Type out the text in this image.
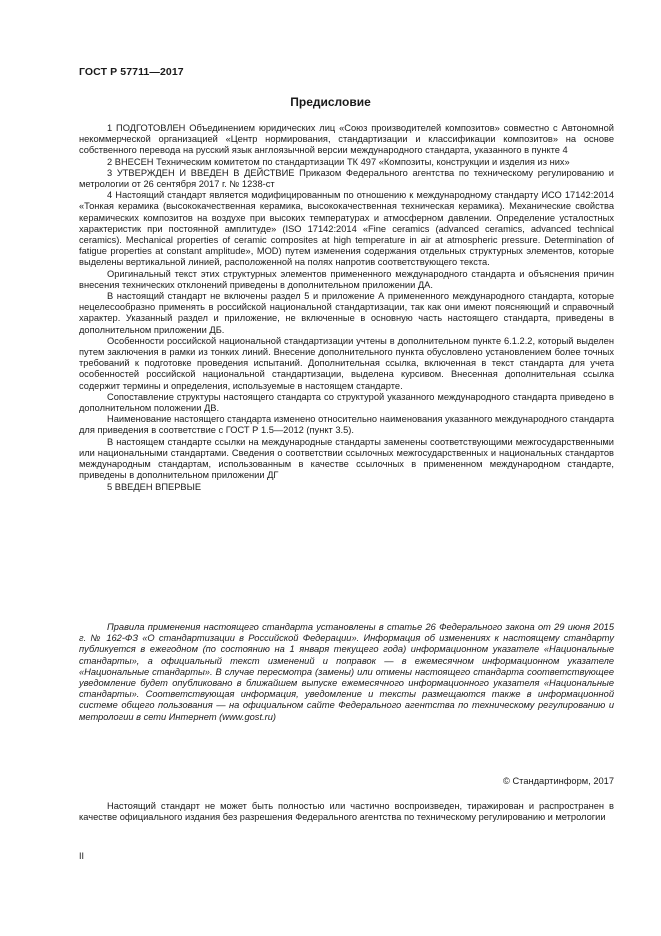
ГОСТ Р 57711—2017
Предисловие

1 ПОДГОТОВЛЕН Объединением юридических лиц «Союз производителей композитов» совместно с Автономной некоммерческой организацией «Центр нормирования, стандартизации и классификации композитов» на основе собственного перевода на русский язык англоязычной версии международного стандарта, указанного в пункте 4

2 ВНЕСЕН Техническим комитетом по стандартизации ТК 497 «Композиты, конструкции и изделия из них»

3 УТВЕРЖДЕН И ВВЕДЕН В ДЕЙСТВИЕ Приказом Федерального агентства по техническому регулированию и метрологии от 26 сентября 2017 г. № 1238-ст

4 Настоящий стандарт является модифицированным по отношению к международному стандарту ИСО 17142:2014 «Тонкая керамика (высококачественная керамика, высококачественная техническая керамика). Механические свойства керамических композитов на воздухе при высоких температурах и атмосферном давлении. Определение усталостных характеристик при постоянной амплитуде» (ISO 17142:2014 «Fine ceramics (advanced ceramics, advanced technical ceramics). Mechanical properties of ceramic composites at high temperature in air at atmospheric pressure. Determination of fatigue properties at constant amplitude», MOD) путем изменения содержания отдельных структурных элементов, которые выделены вертикальной линией, расположенной на полях напротив соответствующего текста.

Оригинальный текст этих структурных элементов примененного международного стандарта и объяснения причин внесения технических отклонений приведены в дополнительном приложении ДА.

В настоящий стандарт не включены раздел 5 и приложение А примененного международного стандарта, которые нецелесообразно применять в российской национальной стандартизации, так как они имеют поясняющий и справочный характер. Указанный раздел и приложение, не включенные в основную часть настоящего стандарта, приведены в дополнительном приложении ДБ.

Особенности российской национальной стандартизации учтены в дополнительном пункте 6.1.2.2, который выделен путем заключения в рамки из тонких линий. Внесение дополнительного пункта обусловлено установлением более точных требований к подготовке проведения испытаний. Дополнительная ссылка, включенная в текст стандарта для учета особенностей российской национальной стандартизации, выделена курсивом. Внесенная дополнительная ссылка содержит термины и определения, используемые в настоящем стандарте.

Сопоставление структуры настоящего стандарта со структурой указанного международного стандарта приведено в дополнительном положении ДВ.

Наименование настоящего стандарта изменено относительно наименования указанного международного стандарта для приведения в соответствие с ГОСТ Р 1.5—2012 (пункт 3.5).

В настоящем стандарте ссылки на международные стандарты заменены соответствующими межгосударственными или национальными стандартами. Сведения о соответствии ссылочных межгосударственных и национальных стандартов международным стандартам, использованным в качестве ссылочных в примененном международном стандарте, приведены в дополнительном приложении ДГ

5 ВВЕДЕН ВПЕРВЫЕ

Правила применения настоящего стандарта установлены в статье 26 Федерального закона от 29 июня 2015 г. № 162-ФЗ «О стандартизации в Российской Федерации». Информация об изменениях к настоящему стандарту публикуется в ежегодном (по состоянию на 1 января текущего года) информационном указателе «Национальные стандарты», а официальный текст изменений и поправок — в ежемесячном информационном указателе «Национальные стандарты». В случае пересмотра (замены) или отмены настоящего стандарта соответствующее уведомление будет опубликовано в ближайшем выпуске ежемесячного информационного указателя «Национальные стандарты». Соответствующая информация, уведомление и тексты размещаются также в информационной системе общего пользования — на официальном сайте Федерального агентства по техническому регулированию и метрологии в сети Интернет (www.gost.ru)
© Стандартинформ, 2017
Настоящий стандарт не может быть полностью или частично воспроизведен, тиражирован и распространен в качестве официального издания без разрешения Федерального агентства по техническому регулированию и метрологии
II
